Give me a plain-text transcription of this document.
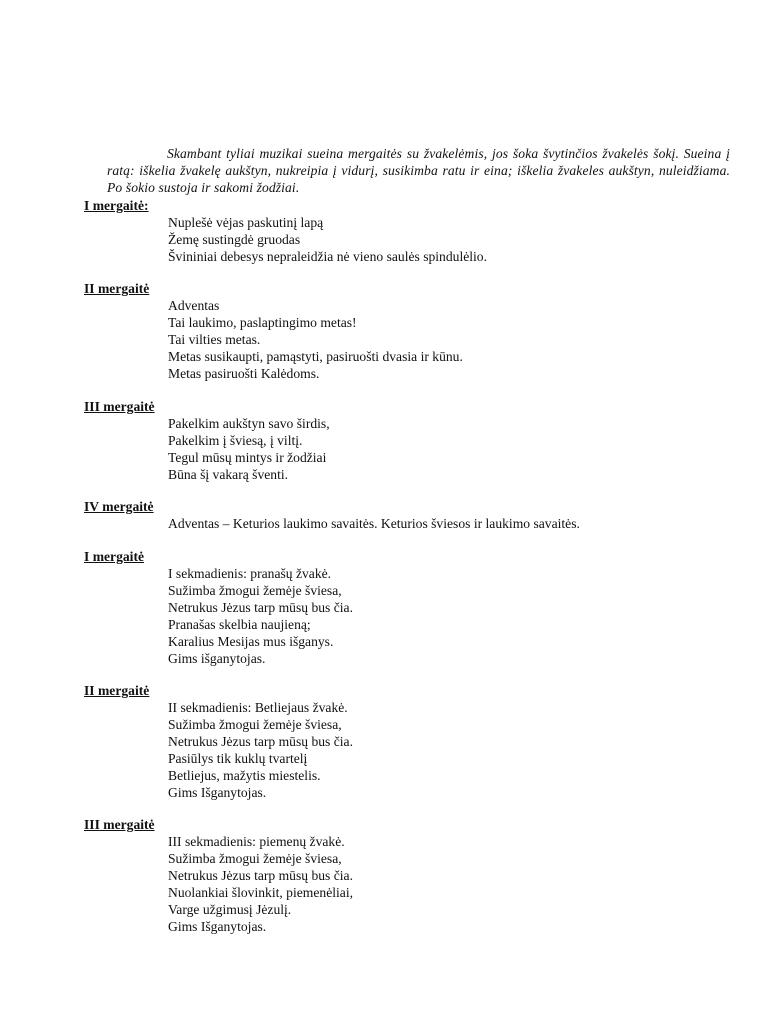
Skambant tyliai muzikai sueina mergaitės su žvakelėmis, jos šoka švytinčios žvakelės šokį. Sueina į ratą: iškelia žvakelę aukštyn, nukreipia į vidurį, susikimba ratu ir eina; iškelia žvakeles aukštyn, nuleidžiama. Po šokio sustoja ir sakomi žodžiai.
I mergaitė:
Nuplešė vėjas paskutinį lapą
Žemę sustingdė gruodas
Švininiai debesys nepraleidžia nė vieno saulės spindulėlio.
II mergaitė
Adventas
Tai laukimo, paslaptingimo metas!
Tai vilties metas.
Metas susikaupti, pamąstyti, pasiruošti dvasia ir kūnu.
Metas pasiruošti Kalėdoms.
III mergaitė
Pakelkim aukštyn savo širdis,
Pakelkim į šviesą, į viltį.
Tegul mūsų mintys ir žodžiai
Būna šį vakarą šventi.
IV mergaitė
Adventas – Keturios laukimo savaitės. Keturios šviesos ir laukimo savaitės.
I mergaitė
I sekmadienis: pranašų žvakė.
Sužimba žmogui žemėje šviesa,
Netrukus Jėzus tarp mūsų bus čia.
Pranašas skelbia naujieną;
Karalius Mesijas mus išganys.
Gims išganytojas.
II mergaitė
II sekmadienis: Betliejaus žvakė.
Sužimba žmogui žemėje šviesa,
Netrukus Jėzus tarp mūsų bus čia.
Pasiūlys tik kuklų tvartelį
Betliejus, mažytis miestelis.
Gims Išganytojas.
III mergaitė
III sekmadienis: piemenų žvakė.
Sužimba žmogui žemėje šviesa,
Netrukus Jėzus tarp mūsų bus čia.
Nuolankiai šlovinkit, piemenėliai,
Varge užgimusį Jėzulį.
Gims Išganytojas.
